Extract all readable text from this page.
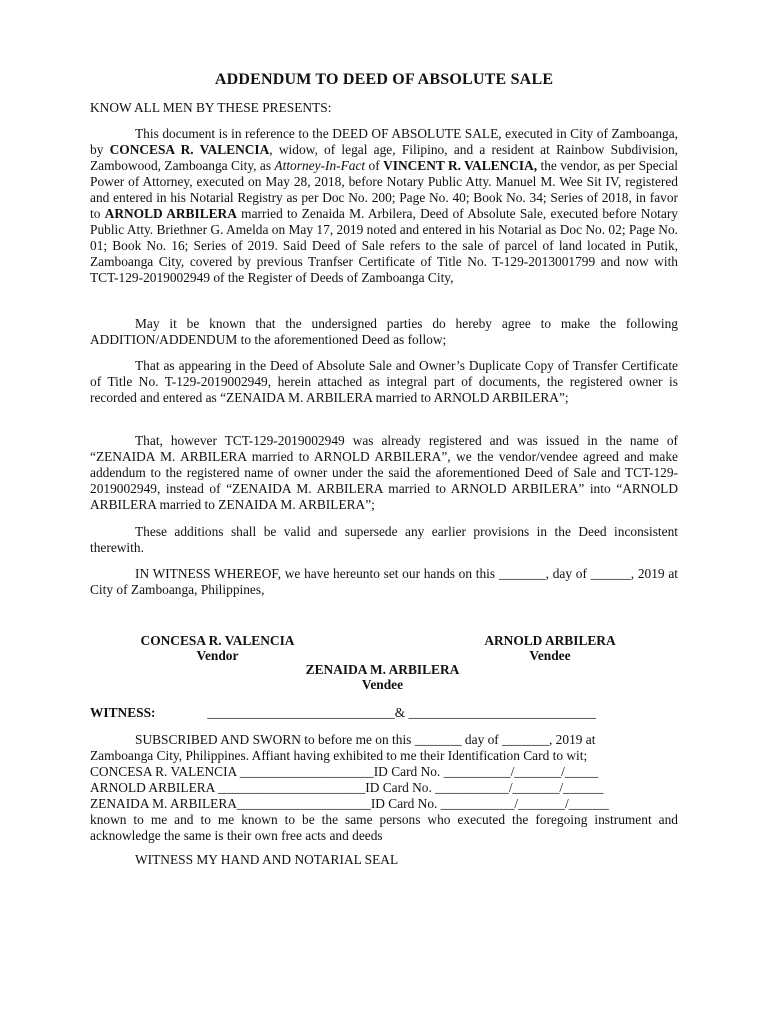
ADDENDUM TO DEED OF ABSOLUTE SALE
KNOW ALL MEN BY THESE PRESENTS:
This document is in reference to the DEED OF ABSOLUTE SALE, executed in City of Zamboanga, by CONCESA R. VALENCIA, widow, of legal age, Filipino, and a resident at Rainbow Subdivision, Zambowood, Zamboanga City, as Attorney-In-Fact of VINCENT R. VALENCIA, the vendor, as per Special Power of Attorney, executed on May 28, 2018, before Notary Public Atty. Manuel M. Wee Sit IV, registered and entered in his Notarial Registry as per Doc No. 200; Page No. 40; Book No. 34; Series of 2018, in favor to ARNOLD ARBILERA married to Zenaida M. Arbilera, Deed of Absolute Sale, executed before Notary Public Atty. Briethner G. Amelda on May 17, 2019 noted and entered in his Notarial as Doc No. 02; Page No. 01; Book No. 16; Series of 2019. Said Deed of Sale refers to the sale of parcel of land located in Putik, Zamboanga City, covered by previous Tranfser Certificate of Title No. T-129-2013001799 and now with TCT-129-2019002949 of the Register of Deeds of Zamboanga City,
May it be known that the undersigned parties do hereby agree to make the following ADDITION/ADDENDUM to the aforementioned Deed as follow;
That as appearing in the Deed of Absolute Sale and Owner’s Duplicate Copy of Transfer Certificate of Title No. T-129-2019002949, herein attached as integral part of documents, the registered owner is recorded and entered as “ZENAIDA M. ARBILERA married to ARNOLD ARBILERA”;
That, however TCT-129-2019002949 was already registered and was issued in the name of “ZENAIDA M. ARBILERA married to ARNOLD ARBILERA”, we the vendor/vendee agreed and make addendum to the registered name of owner under the said the aforementioned Deed of Sale and TCT-129-2019002949, instead of “ZENAIDA M. ARBILERA married to ARNOLD ARBILERA” into “ARNOLD ARBILERA married to ZENAIDA M. ARBILERA”;
These additions shall be valid and supersede any earlier provisions in the Deed inconsistent therewith.
IN WITNESS WHEREOF, we have hereunto set our hands on this _______, day of ______, 2019 at City of Zamboanga, Philippines,
CONCESA R. VALENCIA
Vendor
ARNOLD ARBILERA
Vendee
ZENAIDA M. ARBILERA
Vendee
WITNESS:	____________________________& ____________________________
SUBSCRIBED AND SWORN to before me on this _______ day of _______, 2019 at
Zamboanga City, Philippines. Affiant having exhibited to me their Identification Card to wit;
CONCESA R. VALENCIA ____________________ID Card No. __________/_______/_____
ARNOLD ARBILERA ______________________ID Card No. ___________/_______/______
ZENAIDA M. ARBILERA____________________ID Card No. ___________/_______/______
known to me and to me known to be the same persons who executed the foregoing instrument and acknowledge the same is their own free acts and deeds
WITNESS MY HAND AND NOTARIAL SEAL
